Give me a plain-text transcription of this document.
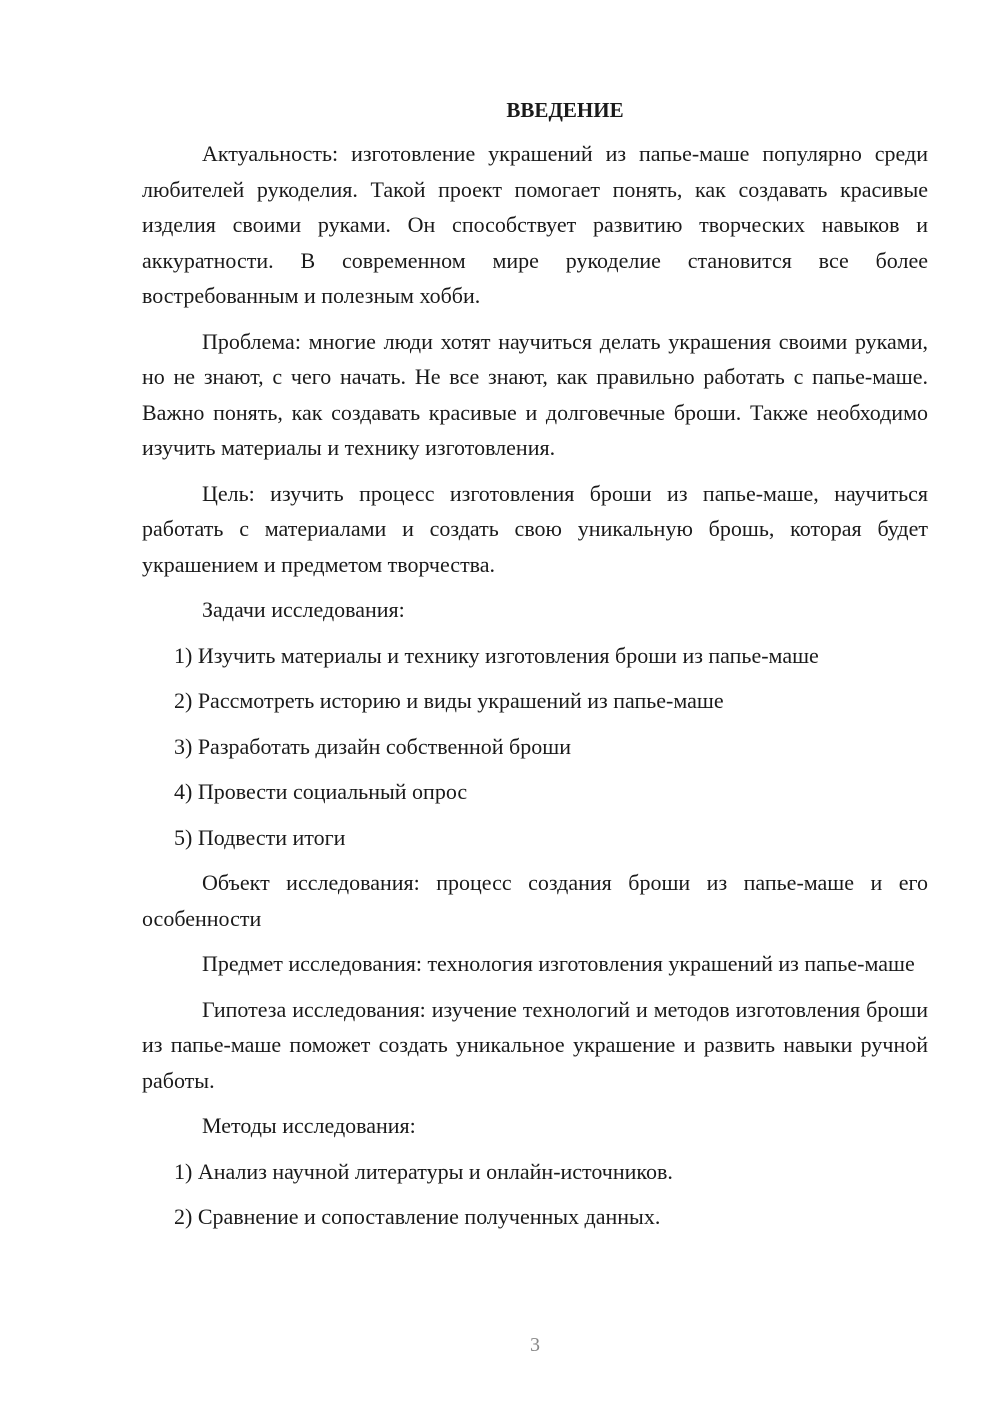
ВВЕДЕНИЕ

Актуальность: изготовление украшений из папье-маше популярно среди любителей рукоделия. Такой проект помогает понять, как создавать красивые изделия своими руками. Он способствует развитию творческих навыков и аккуратности. В современном мире рукоделие становится все более востребованным и полезным хобби.

Проблема: многие люди хотят научиться делать украшения своими руками, но не знают, с чего начать. Не все знают, как правильно работать с папье-маше. Важно понять, как создавать красивые и долговечные броши. Также необходимо изучить материалы и технику изготовления.

Цель: изучить процесс изготовления броши из папье-маше, научиться работать с материалами и создать свою уникальную брошь, которая будет украшением и предметом творчества.

Задачи исследования:

1) Изучить материалы и технику изготовления броши из папье-маше

2) Рассмотреть историю и виды украшений из папье-маше

3) Разработать дизайн собственной броши

4) Провести социальный опрос

5) Подвести итоги

Объект исследования: процесс создания броши из папье-маше и его особенности

Предмет исследования: технология изготовления украшений из папье-маше

Гипотеза исследования: изучение технологий и методов изготовления броши из папье-маше поможет создать уникальное украшение и развить навыки ручной работы.

Методы исследования:

1) Анализ научной литературы и онлайн-источников.

2) Сравнение и сопоставление полученных данных.

3
